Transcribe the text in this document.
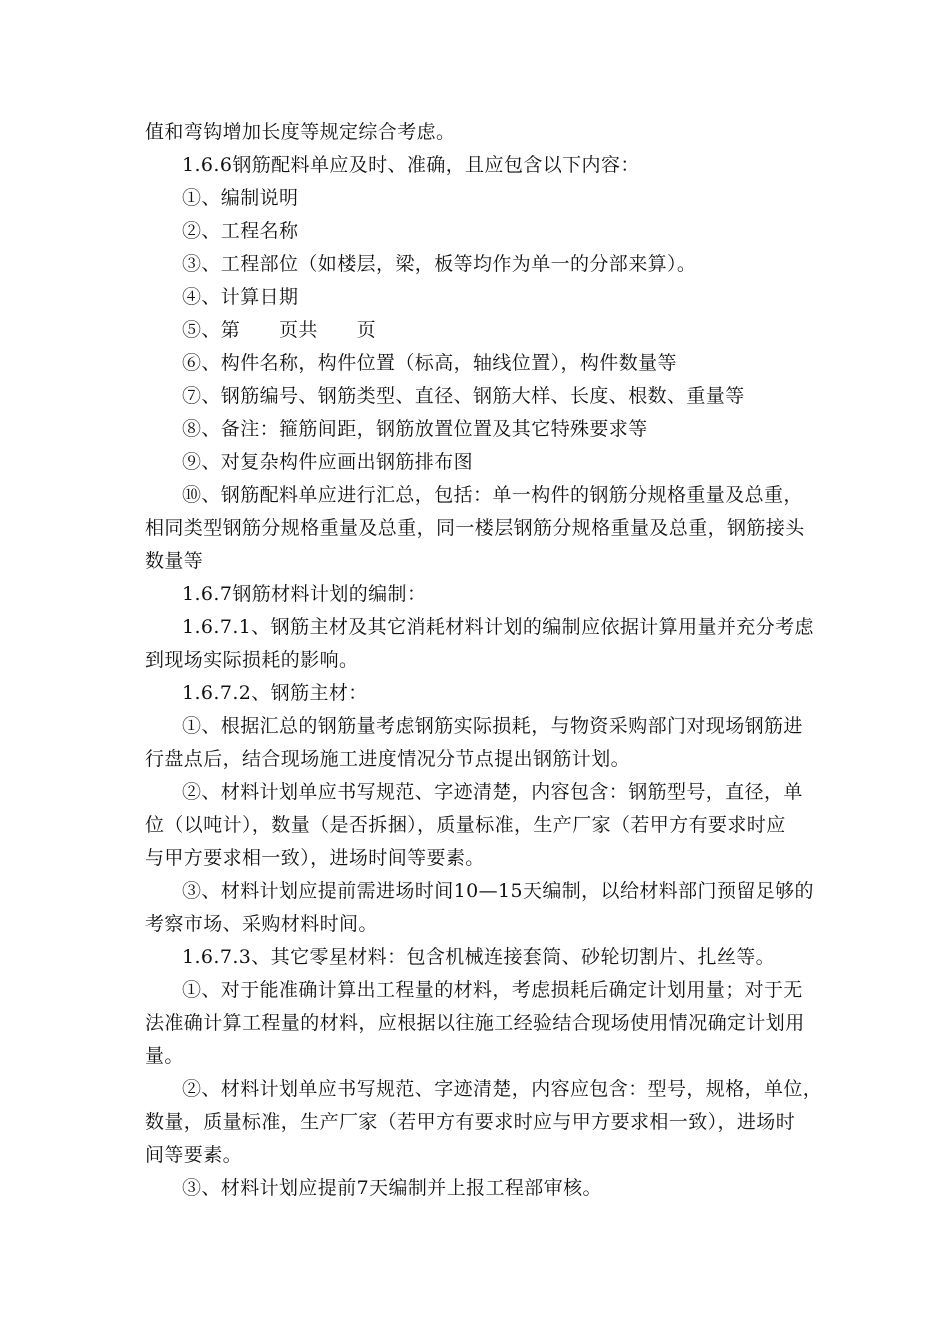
值和弯钩增加长度等规定综合考虑。
1.6.6钢筋配料单应及时、准确，且应包含以下内容：
①、编制说明
②、工程名称
③、工程部位（如楼层，梁，板等均作为单一的分部来算）。
④、计算日期
⑤、第　　页共　　页
⑥、构件名称，构件位置（标高，轴线位置），构件数量等
⑦、钢筋编号、钢筋类型、直径、钢筋大样、长度、根数、重量等
⑧、备注：箍筋间距，钢筋放置位置及其它特殊要求等
⑨、对复杂构件应画出钢筋排布图
⑩、钢筋配料单应进行汇总，包括：单一构件的钢筋分规格重量及总重，
相同类型钢筋分规格重量及总重，同一楼层钢筋分规格重量及总重，钢筋接头
数量等
1.6.7钢筋材料计划的编制：
1.6.7.1、钢筋主材及其它消耗材料计划的编制应依据计算用量并充分考虑
到现场实际损耗的影响。
1.6.7.2、钢筋主材：
①、根据汇总的钢筋量考虑钢筋实际损耗，与物资采购部门对现场钢筋进
行盘点后，结合现场施工进度情况分节点提出钢筋计划。
②、材料计划单应书写规范、字迹清楚，内容包含：钢筋型号，直径，单
位（以吨计），数量（是否拆捆），质量标准，生产厂家（若甲方有要求时应
与甲方要求相一致），进场时间等要素。
③、材料计划应提前需进场时间10—15天编制，以给材料部门预留足够的
考察市场、采购材料时间。
1.6.7.3、其它零星材料：包含机械连接套筒、砂轮切割片、扎丝等。
①、对于能准确计算出工程量的材料，考虑损耗后确定计划用量；对于无
法准确计算工程量的材料，应根据以往施工经验结合现场使用情况确定计划用
量。
②、材料计划单应书写规范、字迹清楚，内容应包含：型号，规格，单位，
数量，质量标准，生产厂家（若甲方有要求时应与甲方要求相一致），进场时
间等要素。
③、材料计划应提前7天编制并上报工程部审核。
